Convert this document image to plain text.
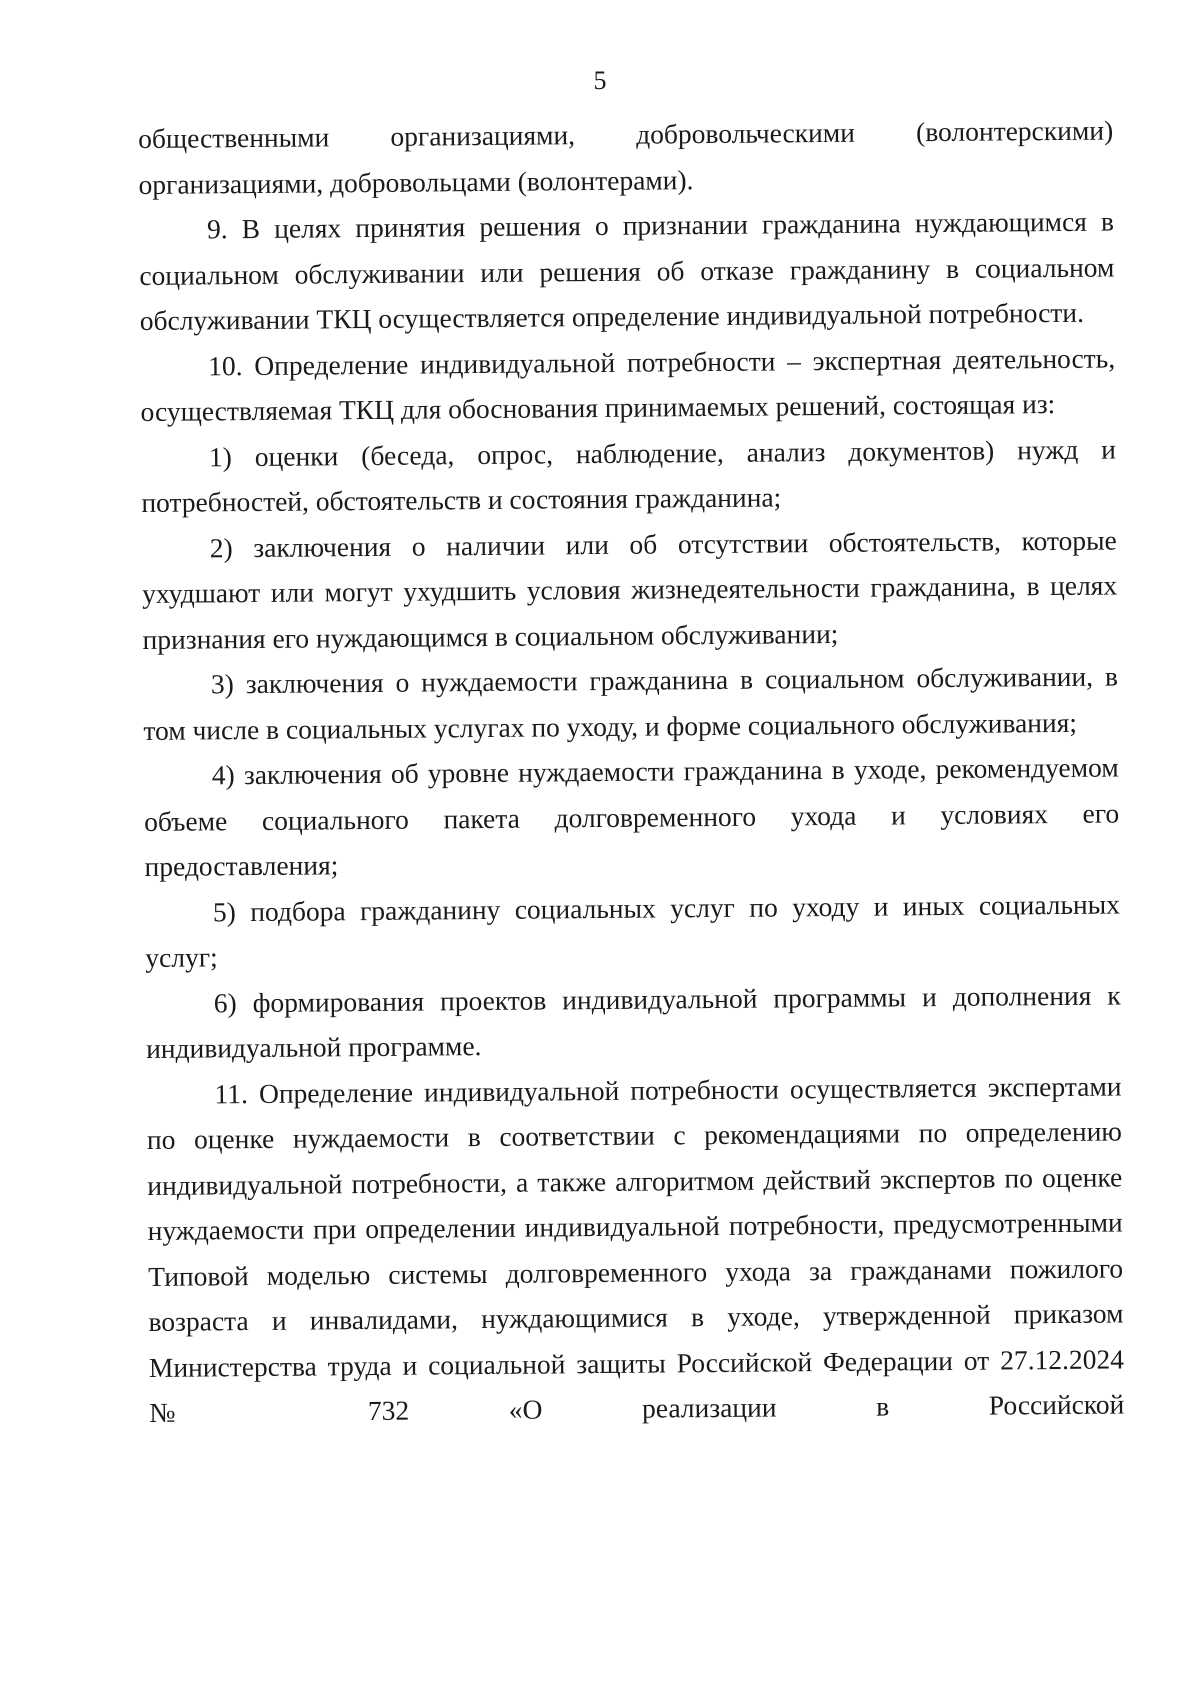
5

общественными организациями, добровольческими (волонтерскими) организациями, добровольцами (волонтерами).

9. В целях принятия решения о признании гражданина нуждающимся в социальном обслуживании или решения об отказе гражданину в социальном обслуживании ТКЦ осуществляется определение индивидуальной потребности.

10. Определение индивидуальной потребности – экспертная деятельность, осуществляемая ТКЦ для обоснования принимаемых решений, состоящая из:

1) оценки (беседа, опрос, наблюдение, анализ документов) нужд и потребностей, обстоятельств и состояния гражданина;

2) заключения о наличии или об отсутствии обстоятельств, которые ухудшают или могут ухудшить условия жизнедеятельности гражданина, в целях признания его нуждающимся в социальном обслуживании;

3) заключения о нуждаемости гражданина в социальном обслуживании, в том числе в социальных услугах по уходу, и форме социального обслуживания;

4) заключения об уровне нуждаемости гражданина в уходе, рекомендуемом объеме социального пакета долговременного ухода и условиях его предоставления;

5) подбора гражданину социальных услуг по уходу и иных социальных услуг;

6) формирования проектов индивидуальной программы и дополнения к индивидуальной программе.

11. Определение индивидуальной потребности осуществляется экспертами по оценке нуждаемости в соответствии с рекомендациями по определению индивидуальной потребности, а также алгоритмом действий экспертов по оценке нуждаемости при определении индивидуальной потребности, предусмотренными Типовой моделью системы долговременного ухода за гражданами пожилого возраста и инвалидами, нуждающимися в уходе, утвержденной приказом Министерства труда и социальной защиты Российской Федерации от 27.12.2024 № 732 «О реализации в Российской
